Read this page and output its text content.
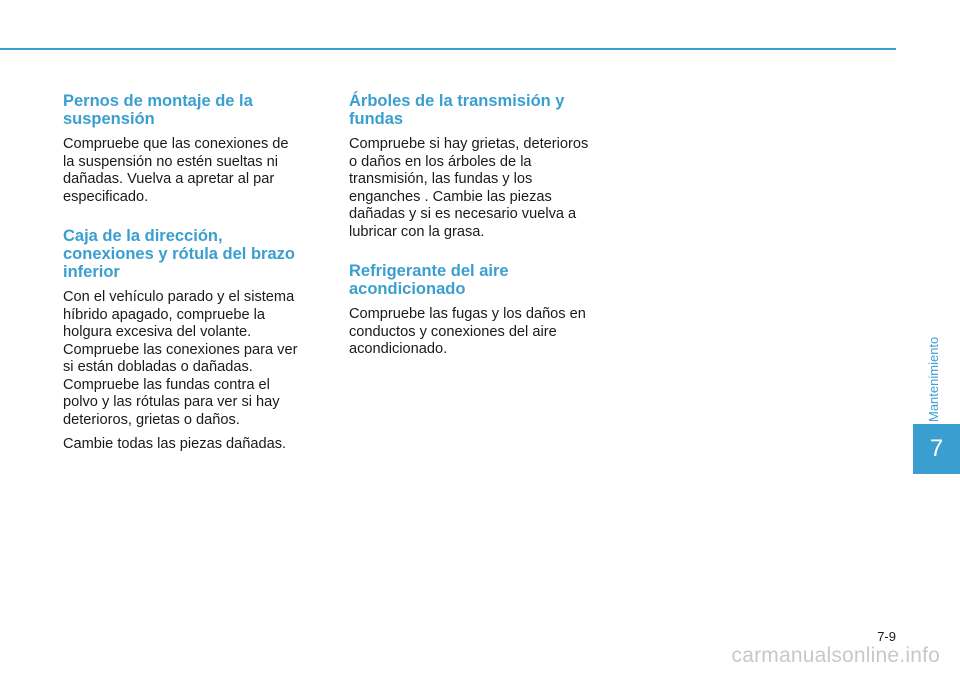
Pernos de montaje de la
suspensión

Compruebe que las conexiones de
la suspensión no estén sueltas ni
dañadas. Vuelva a apretar al par
especificado.

Caja de la dirección,
conexiones y rótula del brazo
inferior

Con el vehículo parado y el sistema
híbrido apagado, compruebe la
holgura excesiva del volante.
Compruebe las conexiones para ver
si están dobladas o dañadas.
Compruebe las fundas contra el
polvo y las rótulas para ver si hay
deterioros, grietas o daños.

Cambie todas las piezas dañadas.

Árboles de la transmisión y
fundas

Compruebe si hay grietas, deterioros
o daños en los árboles de la
transmisión, las fundas y los
enganches . Cambie las piezas
dañadas y si es necesario vuelva a
lubricar con la grasa.

Refrigerante del aire
acondicionado

Compruebe las fugas y los daños en
conductos y conexiones del aire
acondicionado.	Mantenimiento
7
7-9
carmanualsonline.info
